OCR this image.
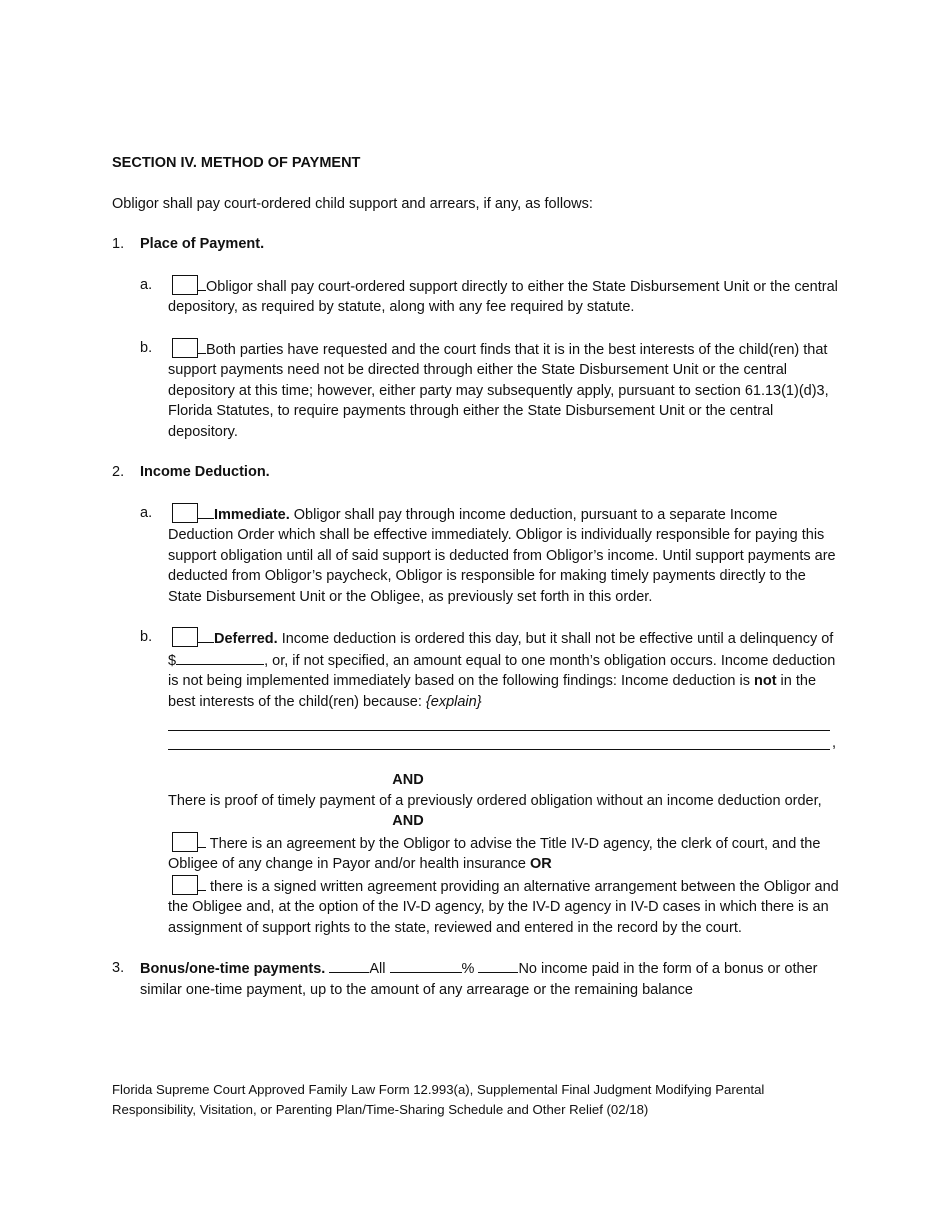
SECTION IV. METHOD OF PAYMENT

Obligor shall pay court-ordered child support and arrears, if any, as follows:
1.	Place of Payment.
a.	Obligor shall pay court-ordered support directly to either the State Disbursement Unit or the central depository, as required by statute, along with any fee required by statute.
b.	Both parties have requested and the court finds that it is in the best interests of the child(ren) that support payments need not be directed through either the State Disbursement Unit or the central depository at this time; however, either party may subsequently apply, pursuant to section 61.13(1)(d)3, Florida Statutes, to require payments through either the State Disbursement Unit or the central depository.
2.	Income Deduction.
a.	Immediate. Obligor shall pay through income deduction, pursuant to a separate Income Deduction Order which shall be effective immediately. Obligor is individually responsible for paying this support obligation until all of said support is deducted from Obligor’s income. Until support payments are deducted from Obligor’s paycheck, Obligor is responsible for making timely payments directly to the State Disbursement Unit or the Obligee, as previously set forth in this order.
b.	Deferred. Income deduction is ordered this day, but it shall not be effective until a delinquency of $	, or, if not specified, an amount equal to one month’s obligation occurs. Income deduction is not being implemented immediately based on the following findings: Income deduction is not in the best interests of the child(ren) because: {explain}
,
AND
There is proof of timely payment of a previously ordered obligation without an income deduction order,
AND
There is an agreement by the Obligor to advise the Title IV-D agency, the clerk of court, and the Obligee of any change in Payor and/or health insurance OR
there is a signed written agreement providing an alternative arrangement between the Obligor and the Obligee and, at the option of the IV-D agency, by the IV-D agency in IV-D cases in which there is an assignment of support rights to the state, reviewed and entered in the record by the court.
3.	Bonus/one-time payments.	All	%	No income paid in the form of a bonus or other similar one-time payment, up to the amount of any arrearage or the remaining balance
Florida Supreme Court Approved Family Law Form 12.993(a), Supplemental Final Judgment Modifying Parental Responsibility, Visitation, or Parenting Plan/Time-Sharing Schedule and Other Relief (02/18)
